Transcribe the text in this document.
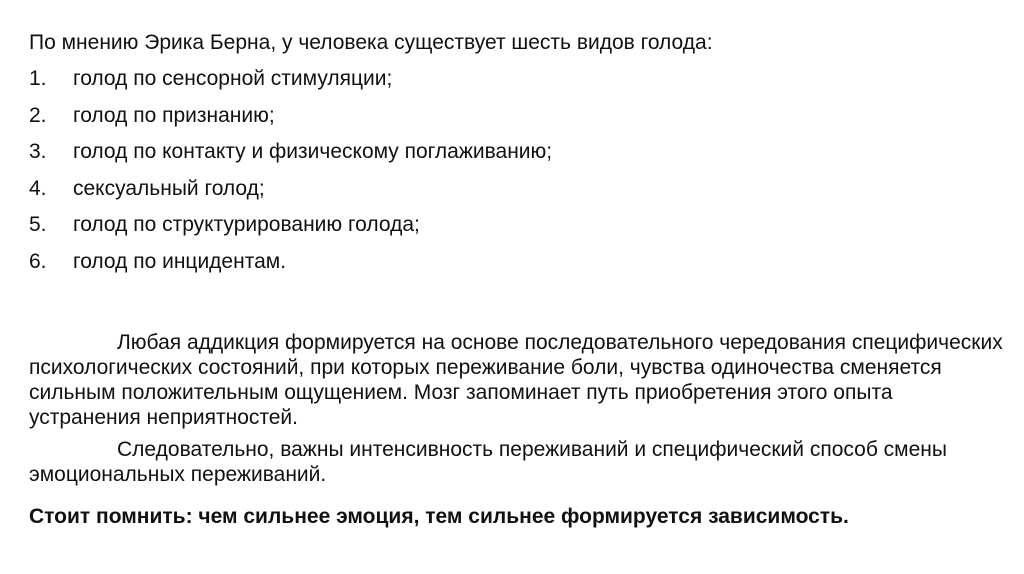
По мнению Эрика Берна, у человека существует шесть видов голода:
1. голод по сенсорной стимуляции;
2. голод по признанию;
3. голод по контакту и физическому поглаживанию;
4. сексуальный голод;
5. голод по структурированию голода;
6. голод по инцидентам.

Любая аддикция формируется на основе последовательного чередования специфических психологических состояний, при которых переживание боли, чувства одиночества сменяется сильным положительным ощущением. Мозг запоминает путь приобретения этого опыта устранения неприятностей.

Следовательно, важны интенсивность переживаний и специфический способ смены эмоциональных переживаний.

Стоит помнить: чем сильнее эмоция, тем сильнее формируется зависимость.
